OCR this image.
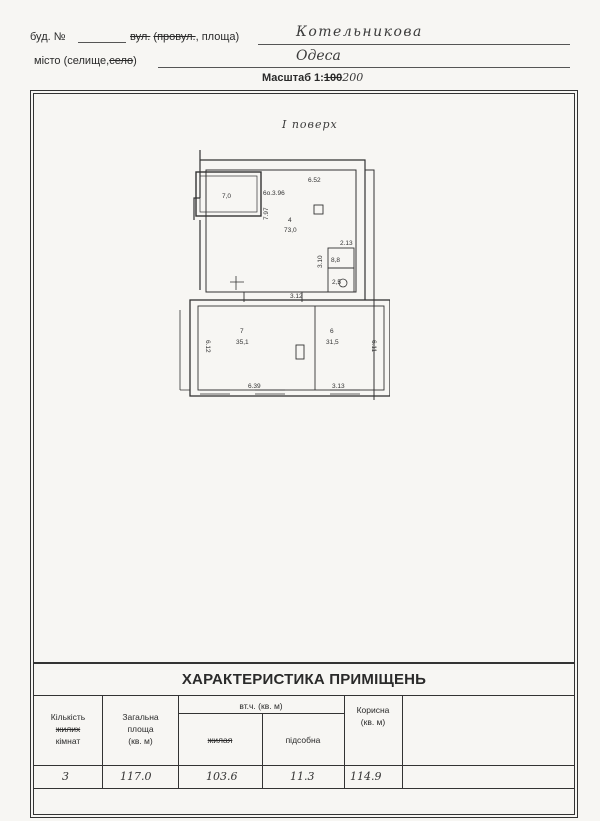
буд. №	вул. (провул., площа)	Котельникова
місто (селище,село)	Одеса
Масштаб 1:100200
І поверх
7,0
4
73,0
7
35,1
6
31,5
8,8
2,5
6о.3.96
6.52
7.97
2.13
3.10
3.12
6.12
6.39	3.13
6.11
ХАРАКТЕРИСТИКА ПРИМІЩЕНЬ
Кількість
жилих
кімнат
Загальна
площа
(кв. м)
вт.ч. (кв. м)
жилая	підсобна
Корисна
(кв. м)
3	117.0	103.6	11.3	114.9
